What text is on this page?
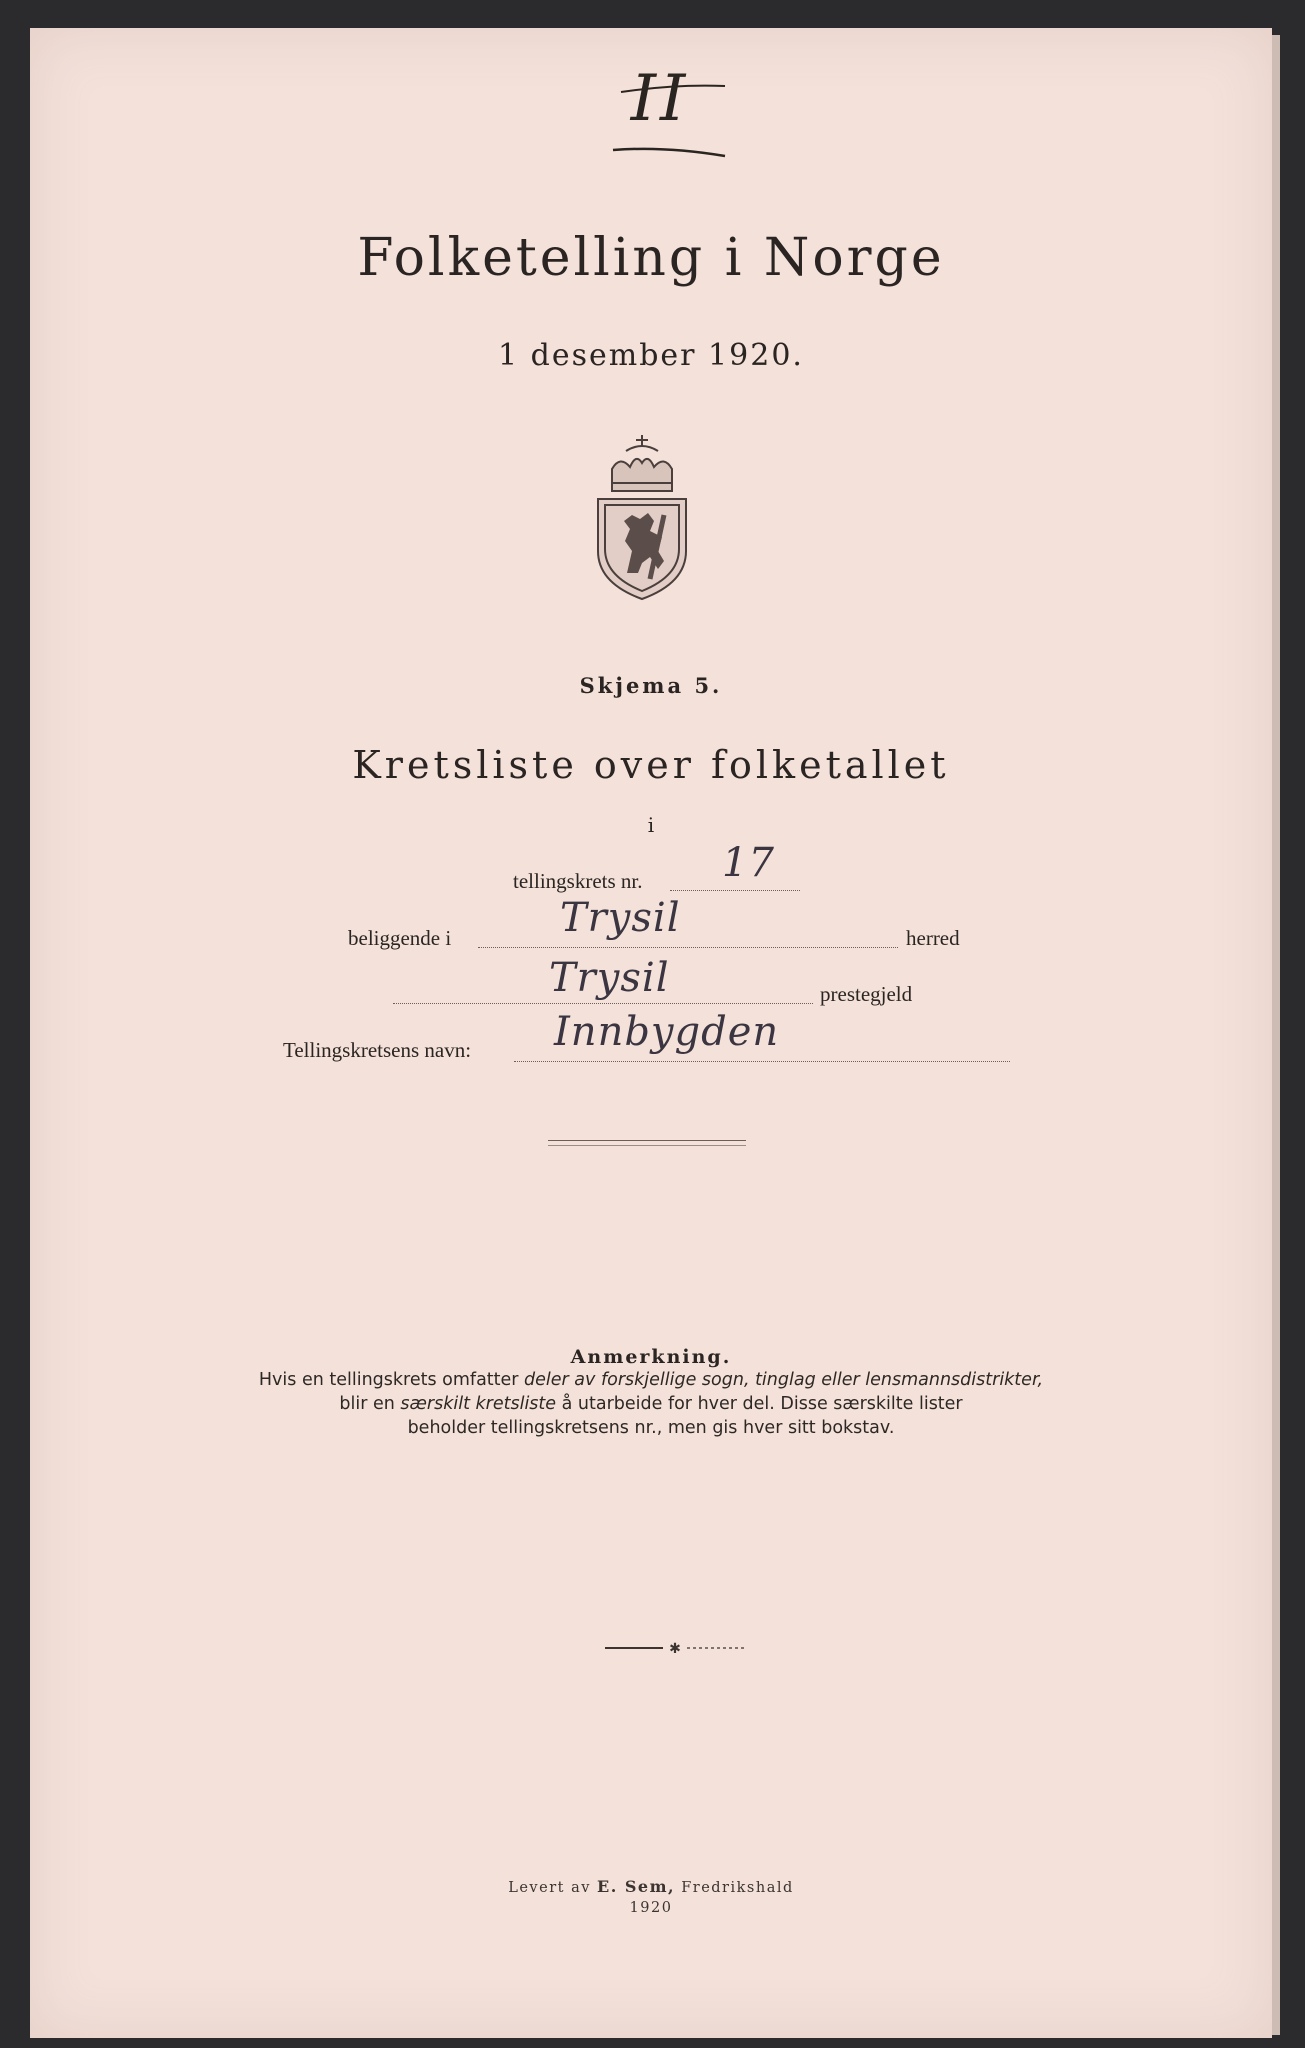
II
Folketelling i Norge
1 desember 1920.
Skjema 5.
Kretsliste over folketallet
i
tellingskrets nr. 17
beliggende i	Trysil	herred
Trysil	prestegjeld
Tellingskretsens navn: Innbygden
Anmerkning.
Hvis en tellingskrets omfatter deler av forskjellige sogn, tinglag eller lensmannsdistrikter,
blir en særskilt kretsliste å utarbeide for hver del. Disse særskilte lister
beholder tellingskretsens nr., men gis hver sitt bokstav.
✱
Levert av E. Sem, Fredrikshald
1920
